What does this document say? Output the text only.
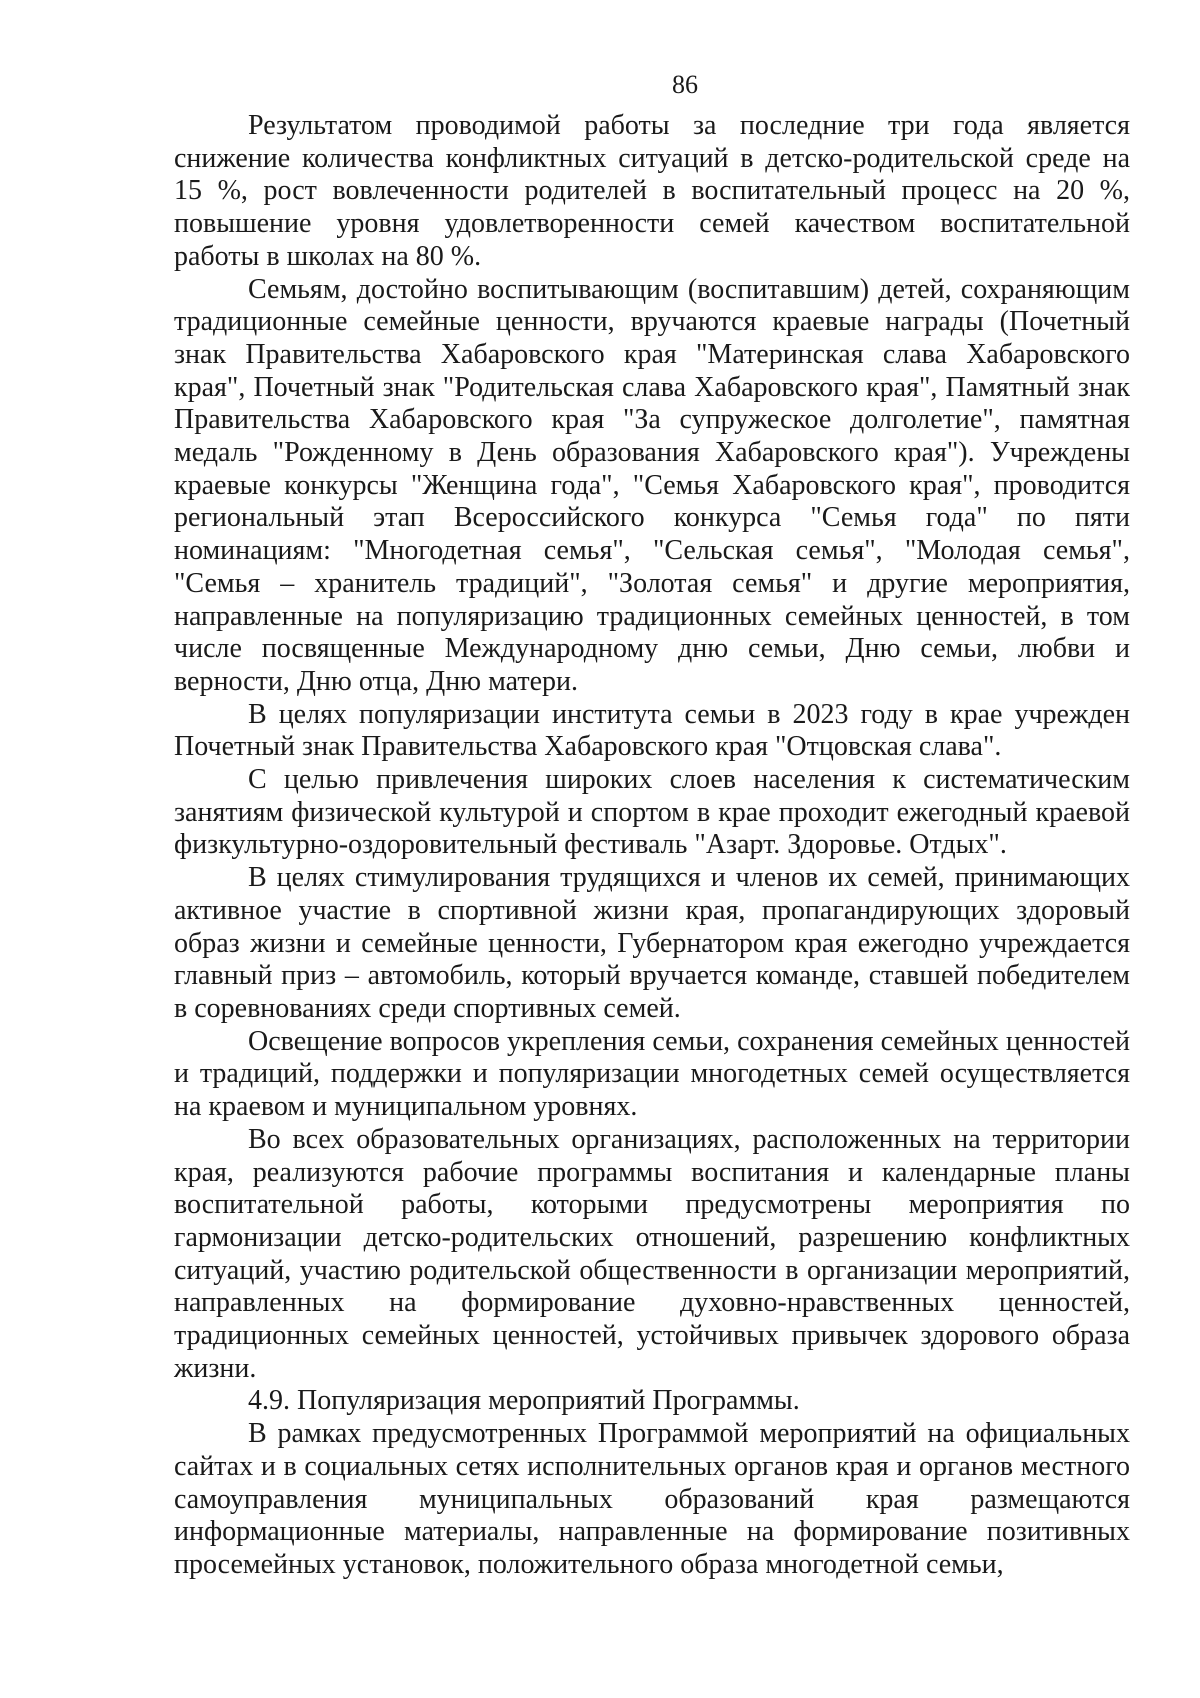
86

Результатом проводимой работы за последние три года является снижение количества конфликтных ситуаций в детско-родительской среде на 15 %, рост вовлеченности родителей в воспитательный процесс на 20 %, повышение уровня удовлетворенности семей качеством воспитательной работы в школах на 80 %.

Семьям, достойно воспитывающим (воспитавшим) детей, сохраняющим традиционные семейные ценности, вручаются краевые награды (Почетный знак Правительства Хабаровского края "Материнская слава Хабаровского края", Почетный знак "Родительская слава Хабаровского края", Памятный знак Правительства Хабаровского края "За супружеское долголетие", памятная медаль "Рожденному в День образования Хабаровского края"). Учреждены краевые конкурсы "Женщина года", "Семья Хабаровского края", проводится региональный этап Всероссийского конкурса "Семья года" по пяти номинациям: "Многодетная семья", "Сельская семья", "Молодая семья", "Семья – хранитель традиций", "Золотая семья" и другие мероприятия, направленные на популяризацию традиционных семейных ценностей, в том числе посвященные Международному дню семьи, Дню семьи, любви и верности, Дню отца, Дню матери.

В целях популяризации института семьи в 2023 году в крае учрежден Почетный знак Правительства Хабаровского края "Отцовская слава".

С целью привлечения широких слоев населения к систематическим занятиям физической культурой и спортом в крае проходит ежегодный краевой физкультурно-оздоровительный фестиваль "Азарт. Здоровье. Отдых".

В целях стимулирования трудящихся и членов их семей, принимающих активное участие в спортивной жизни края, пропагандирующих здоровый образ жизни и семейные ценности, Губернатором края ежегодно учреждается главный приз – автомобиль, который вручается команде, ставшей победителем в соревнованиях среди спортивных семей.

Освещение вопросов укрепления семьи, сохранения семейных ценностей и традиций, поддержки и популяризации многодетных семей осуществляется на краевом и муниципальном уровнях.

Во всех образовательных организациях, расположенных на территории края, реализуются рабочие программы воспитания и календарные планы воспитательной работы, которыми предусмотрены мероприятия по гармонизации детско-родительских отношений, разрешению конфликтных ситуаций, участию родительской общественности в организации мероприятий, направленных на формирование духовно-нравственных ценностей, традиционных семейных ценностей, устойчивых привычек здорового образа жизни.

4.9. Популяризация мероприятий Программы.

В рамках предусмотренных Программой мероприятий на официальных сайтах и в социальных сетях исполнительных органов края и органов местного самоуправления муниципальных образований края размещаются информационные материалы, направленные на формирование позитивных просемейных установок, положительного образа многодетной семьи,
